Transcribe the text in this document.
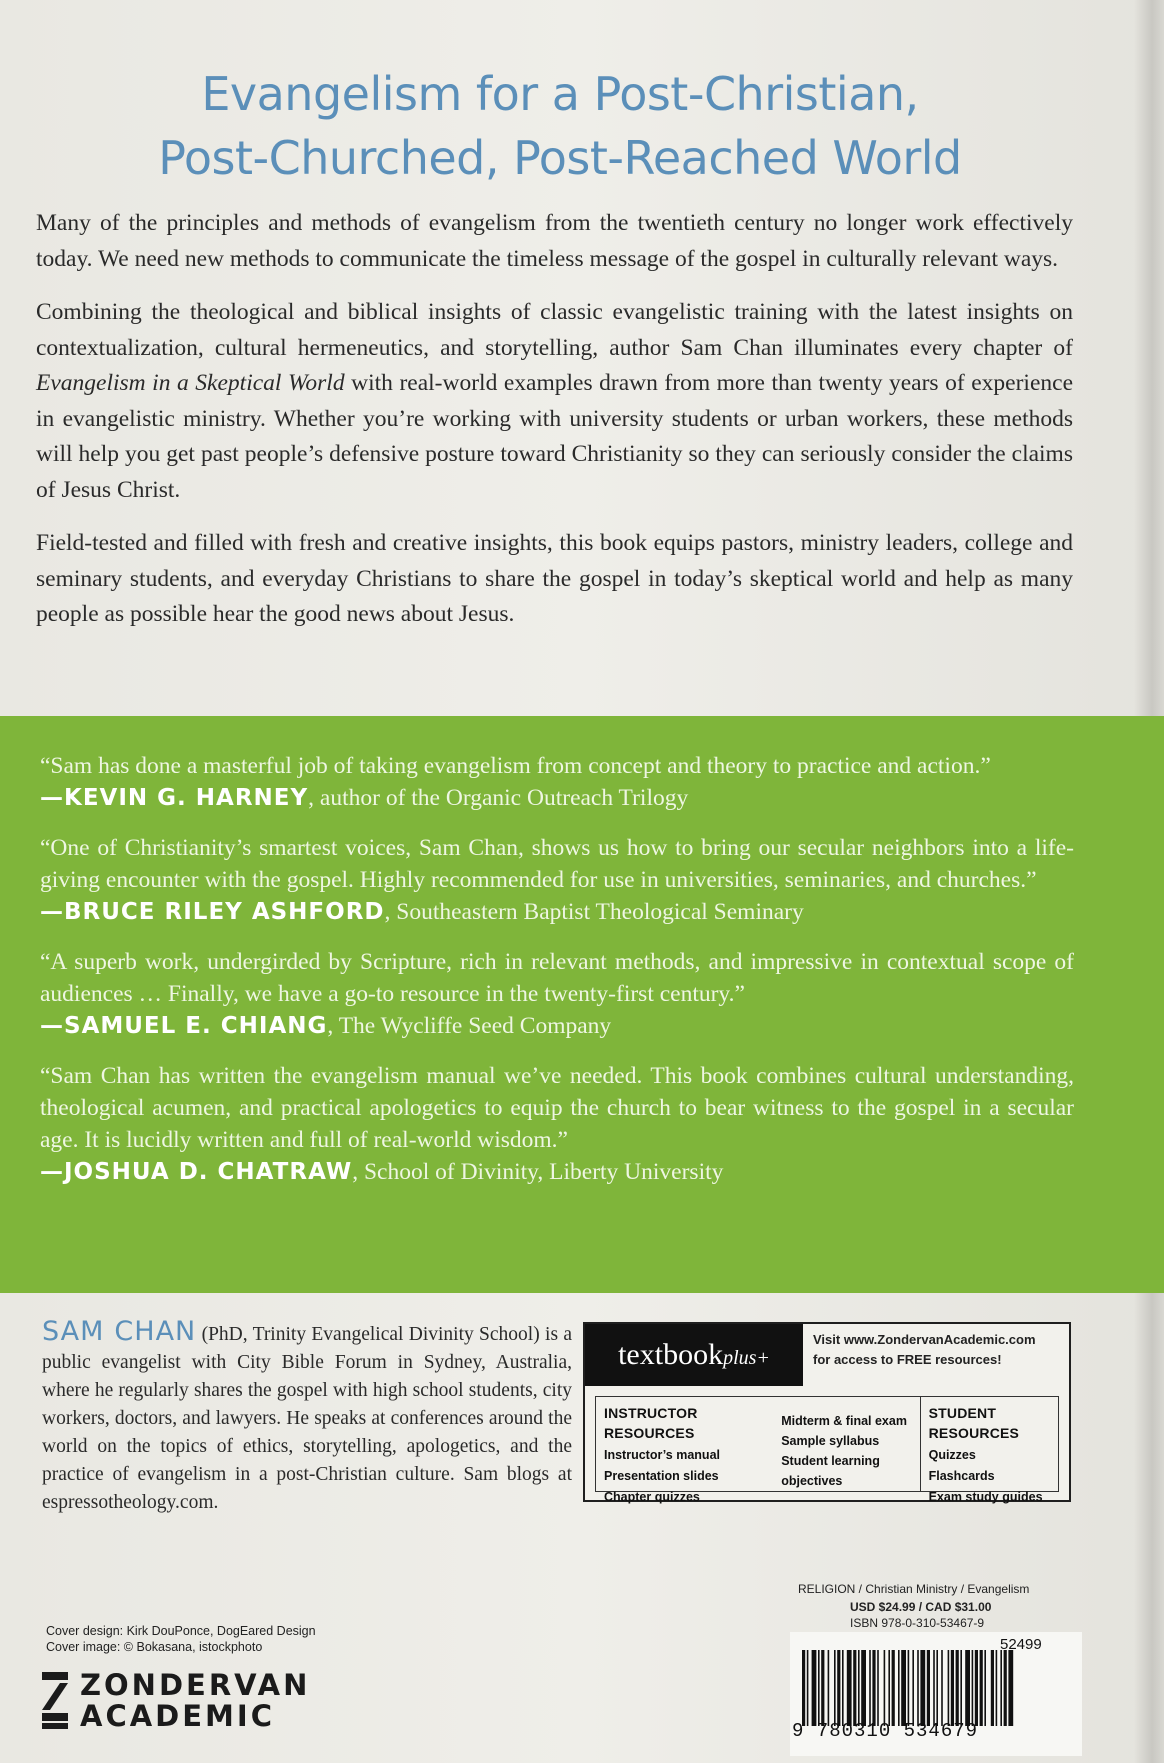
Evangelism for a Post-Christian,
Post-Churched, Post-Reached World

Many of the principles and methods of evangelism from the twentieth century no longer work effectively today. We need new methods to communicate the timeless message of the gospel in culturally relevant ways.

Combining the theological and biblical insights of classic evangelistic training with the latest insights on contextualization, cultural hermeneutics, and storytelling, author Sam Chan illuminates every chapter of Evangelism in a Skeptical World with real-world examples drawn from more than twenty years of experience in evangelistic ministry. Whether you’re working with university students or urban workers, these methods will help you get past people’s defensive posture toward Christianity so they can seriously consider the claims of Jesus Christ.

Field-tested and filled with fresh and creative insights, this book equips pastors, ministry leaders, college and seminary students, and everyday Christians to share the gospel in today’s skeptical world and help as many people as possible hear the good news about Jesus.

“Sam has done a masterful job of taking evangelism from concept and theory to practice and action.”
—KEVIN G. HARNEY, author of the Organic Outreach Trilogy
“One of Christianity’s smartest voices, Sam Chan, shows us how to bring our secular neighbors into a life-giving encounter with the gospel. Highly recommended for use in universities, seminaries, and churches.”
—BRUCE RILEY ASHFORD, Southeastern Baptist Theological Seminary
“A superb work, undergirded by Scripture, rich in relevant methods, and impressive in contextual scope of audiences … Finally, we have a go-to resource in the twenty-first century.”
—SAMUEL E. CHIANG, The Wycliffe Seed Company
“Sam Chan has written the evangelism manual we’ve needed. This book combines cultural understanding, theological acumen, and practical apologetics to equip the church to bear witness to the gospel in a secular age. It is lucidly written and full of real-world wisdom.”
—JOSHUA D. CHATRAW, School of Divinity, Liberty University
SAM CHAN (PhD, Trinity Evangelical Divinity School) is a public evangelist with City Bible Forum in Sydney, Australia, where he regularly shares the gospel with high school students, city workers, doctors, and lawyers. He speaks at conferences around the world on the topics of ethics, storytelling, apologetics, and the practice of evangelism in a post-Christian culture. Sam blogs at espressotheology.com.
textbookplus+
Visit www.ZondervanAcademic.com
for access to FREE resources!
INSTRUCTOR RESOURCES
Instructor’s manual
Presentation slides
Chapter quizzes
Midterm & final exam
Sample syllabus
Student learning objectives
STUDENT RESOURCES
Quizzes
Flashcards
Exam study guides
RELIGION / Christian Ministry / Evangelism
USD $24.99 / CAD $31.00
ISBN 978-0-310-53467-9
52499
9 780310 534679
Cover design: Kirk DouPonce, DogEared Design
Cover image: © Bokasana, istockphoto
ZONDERVAN
ACADEMIC
